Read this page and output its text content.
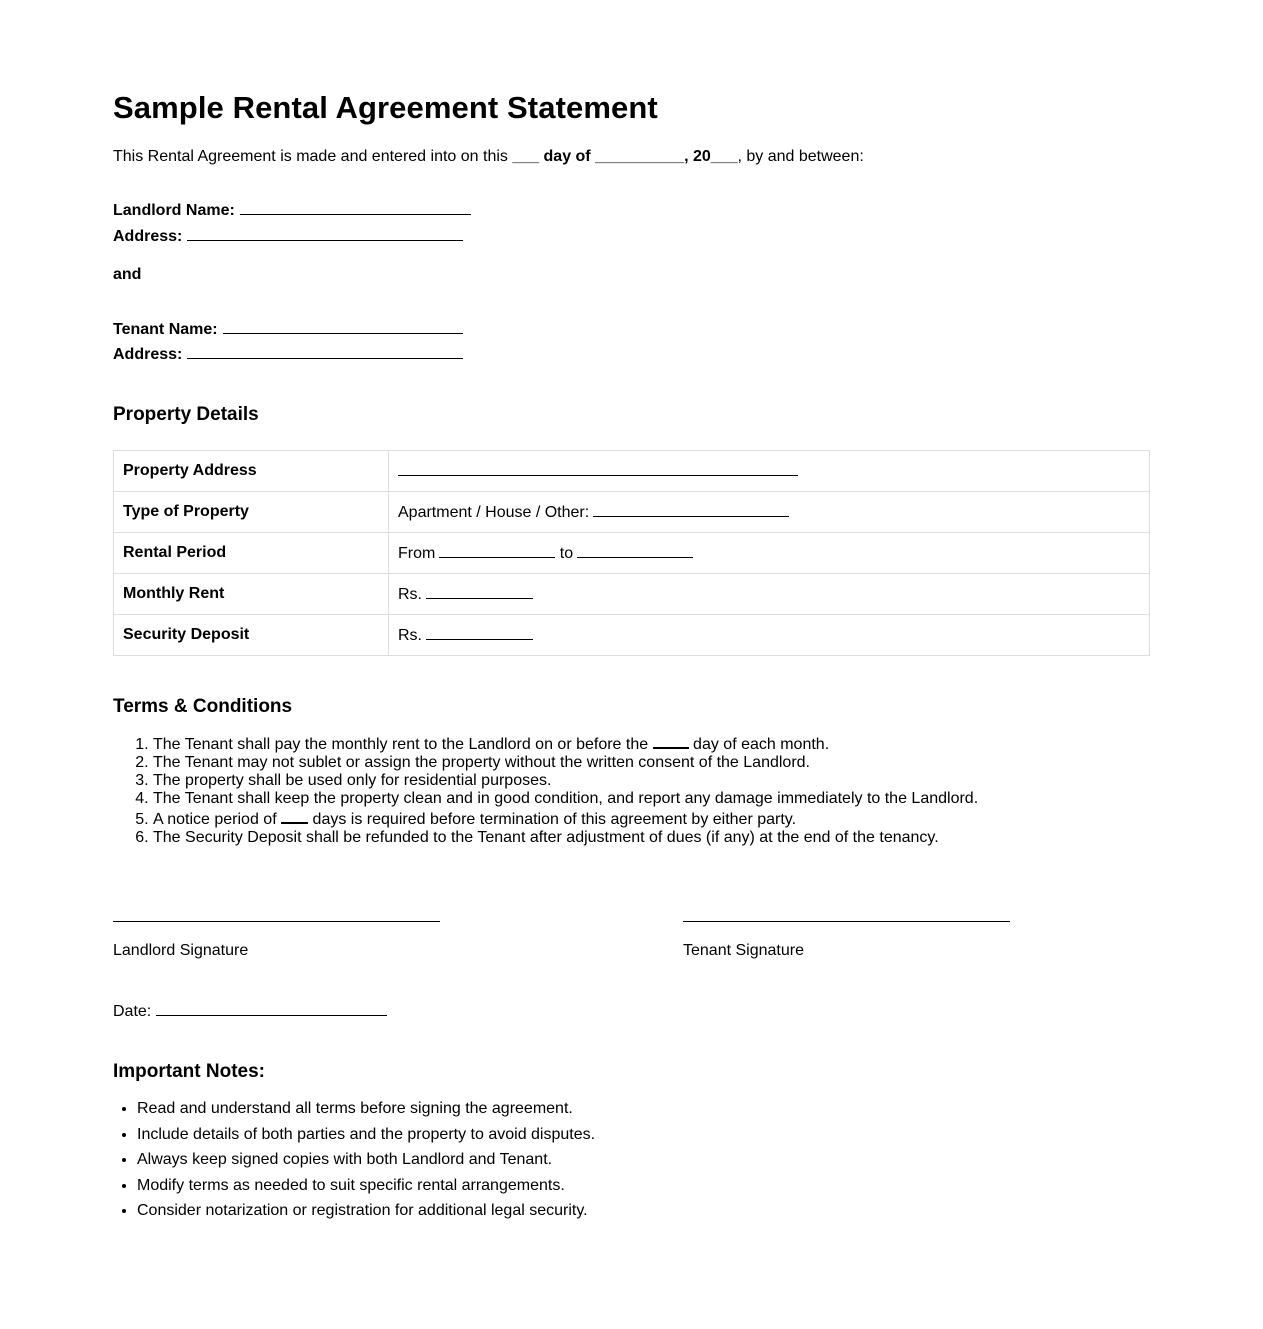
Sample Rental Agreement Statement
This Rental Agreement is made and entered into on this ___ day of __________, 20___, by and between:
Landlord Name:
Address:
and
Tenant Name:
Address:
Property Details
Property Address	
Type of Property	Apartment / House / Other:
Rental Period	From to
Monthly Rent	Rs.
Security Deposit	Rs.
Terms & Conditions
1. The Tenant shall pay the monthly rent to the Landlord on or before the	day of each month.
2. The Tenant may not sublet or assign the property without the written consent of the Landlord.
3. The property shall be used only for residential purposes.
4. The Tenant shall keep the property clean and in good condition, and report any damage immediately to the Landlord.
5. A notice period of days is required before termination of this agreement by either party.
6. The Security Deposit shall be refunded to the Tenant after adjustment of dues (if any) at the end of the tenancy.
Landlord Signature	Tenant Signature
Date:
Important Notes:
• Read and understand all terms before signing the agreement.
• Include details of both parties and the property to avoid disputes.
• Always keep signed copies with both Landlord and Tenant.
• Modify terms as needed to suit specific rental arrangements.
• Consider notarization or registration for additional legal security.
